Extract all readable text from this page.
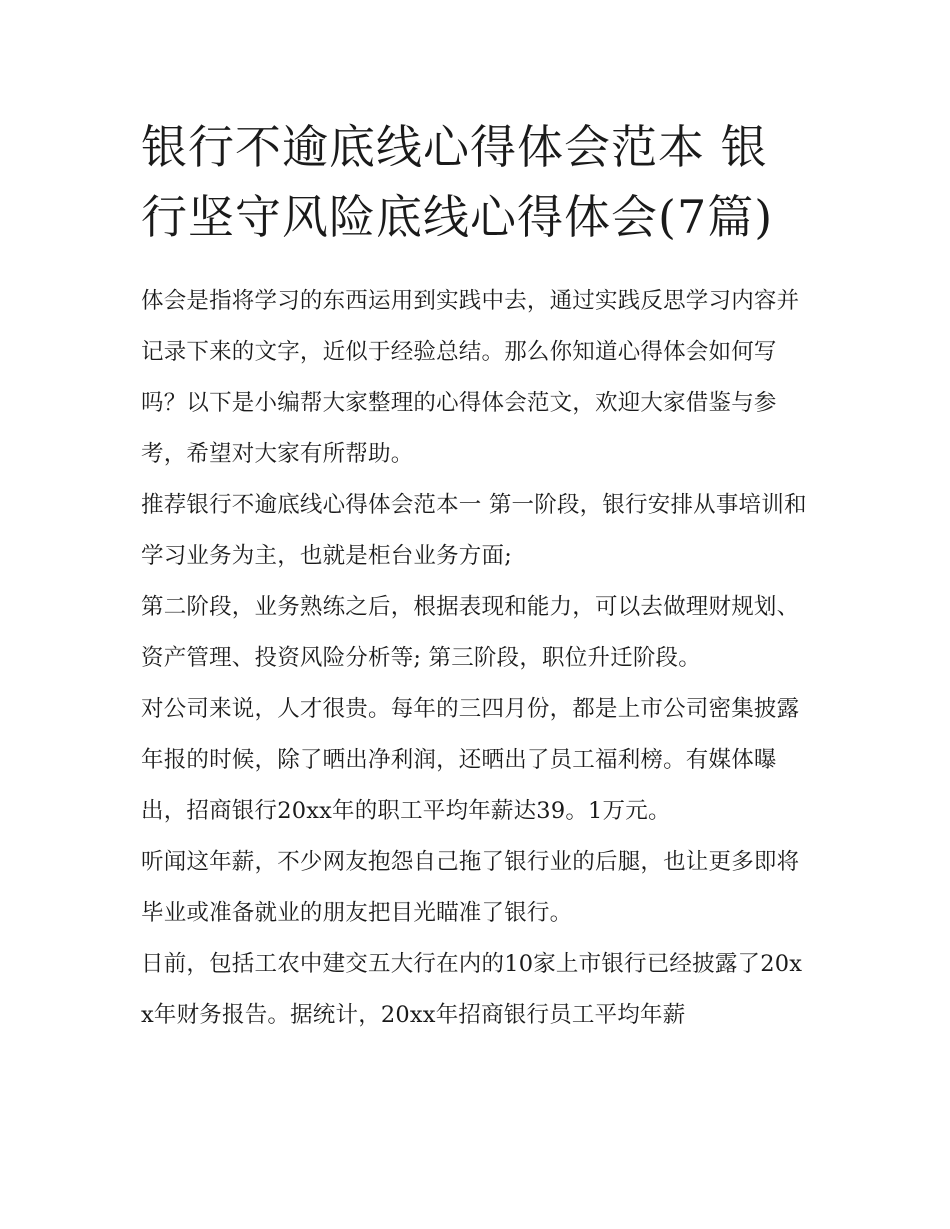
银行不逾底线心得体会范本 银行坚守风险底线心得体会(7篇)

体会是指将学习的东西运用到实践中去，通过实践反思学习内容并记录下来的文字，近似于经验总结。那么你知道心得体会如何写吗？以下是小编帮大家整理的心得体会范文，欢迎大家借鉴与参考，希望对大家有所帮助。

推荐银行不逾底线心得体会范本一 第一阶段，银行安排从事培训和学习业务为主，也就是柜台业务方面;

第二阶段，业务熟练之后，根据表现和能力，可以去做理财规划、资产管理、投资风险分析等; 第三阶段，职位升迁阶段。

对公司来说，人才很贵。每年的三四月份，都是上市公司密集披露年报的时候，除了晒出净利润，还晒出了员工福利榜。有媒体曝出，招商银行20xx年的职工平均年薪达39。1万元。

听闻这年薪，不少网友抱怨自己拖了银行业的后腿，也让更多即将毕业或准备就业的朋友把目光瞄准了银行。

日前，包括工农中建交五大行在内的10家上市银行已经披露了20xx年财务报告。据统计，20xx年招商银行员工平均年薪
